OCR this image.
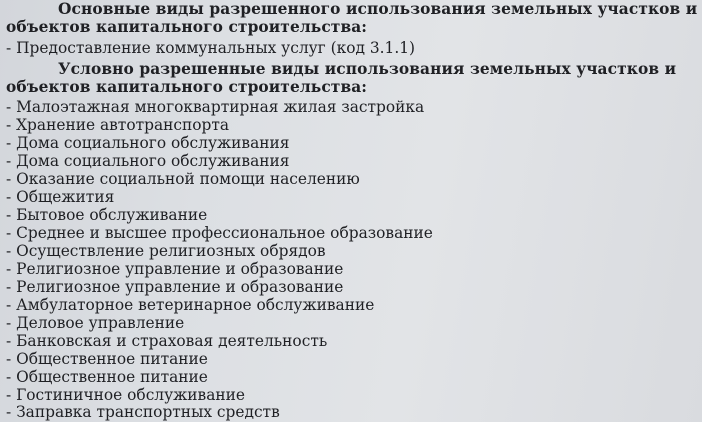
Основные виды разрешенного использования земельных участков и объектов капитального строительства:

- Предоставление коммунальных услуг (код 3.1.1)

Условно разрешенные виды использования земельных участков и объектов капитального строительства:

- Малоэтажная многоквартирная жилая застройка
- Хранение автотранспорта
- Дома социального обслуживания
- Дома социального обслуживания
- Оказание социальной помощи населению
- Общежития
- Бытовое обслуживание
- Среднее и высшее профессиональное образование
- Осуществление религиозных обрядов
- Религиозное управление и образование
- Религиозное управление и образование
- Амбулаторное ветеринарное обслуживание
- Деловое управление
- Банковская и страховая деятельность
- Общественное питание
- Общественное питание
- Гостиничное обслуживание
- Заправка транспортных средств
